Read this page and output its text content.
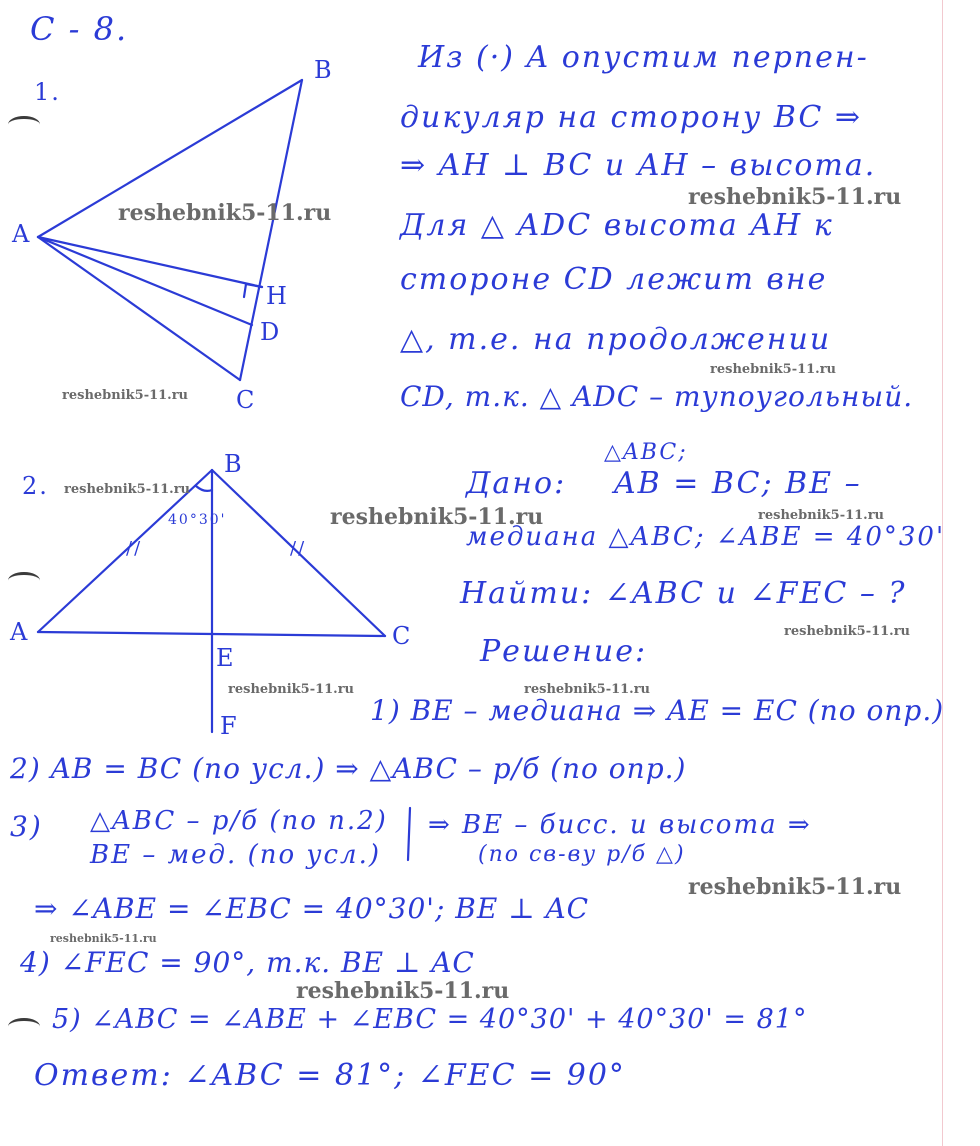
C - 8.
1.
B
A
H
D
C
Из (·) A опустим перпен-
дикуляр на сторону BC ⇒
⇒ AH ⊥ BC и AH – высота.
Для △ ADC высота AH к
стороне CD лежит вне
△, т.е. на продолжении
CD, т.к. △ ADC – тупоугольный.
2.
B
40°30'
//	//
A	C
E
F
△ABC;
Дано: AB = BC; BE –
медиана △ABC; ∠ABE = 40°30'
Найти: ∠ABC и ∠FEC – ?
Решение:
1) BE – медиана ⇒ AE = EC (по опр.)
2) AB = BC (по усл.) ⇒ △ABC – р/б (по опр.)
3) △ABC – р/б (по п.2)
BE – мед. (по усл.)
⇒ BE – бисс. и высота ⇒
(по св-ву р/б △)
⇒ ∠ABE = ∠EBC = 40°30'; BE ⊥ AC
4) ∠FEC = 90°, т.к. BE ⊥ AC
5) ∠ABC = ∠ABE + ∠EBC = 40°30' + 40°30' = 81°
Ответ: ∠ABC = 81°; ∠FEC = 90°
reshebnik5-11.ru
reshebnik5-11.ru
reshebnik5-11.ru
reshebnik5-11.ru
reshebnik5-11.ru
reshebnik5-11.ru	reshebnik5-11.ru
reshebnik5-11.ru
reshebnik5-11.ru	reshebnik5-11.ru
reshebnik5-11.ru
reshebnik5-11.ru
reshebnik5-11.ru
